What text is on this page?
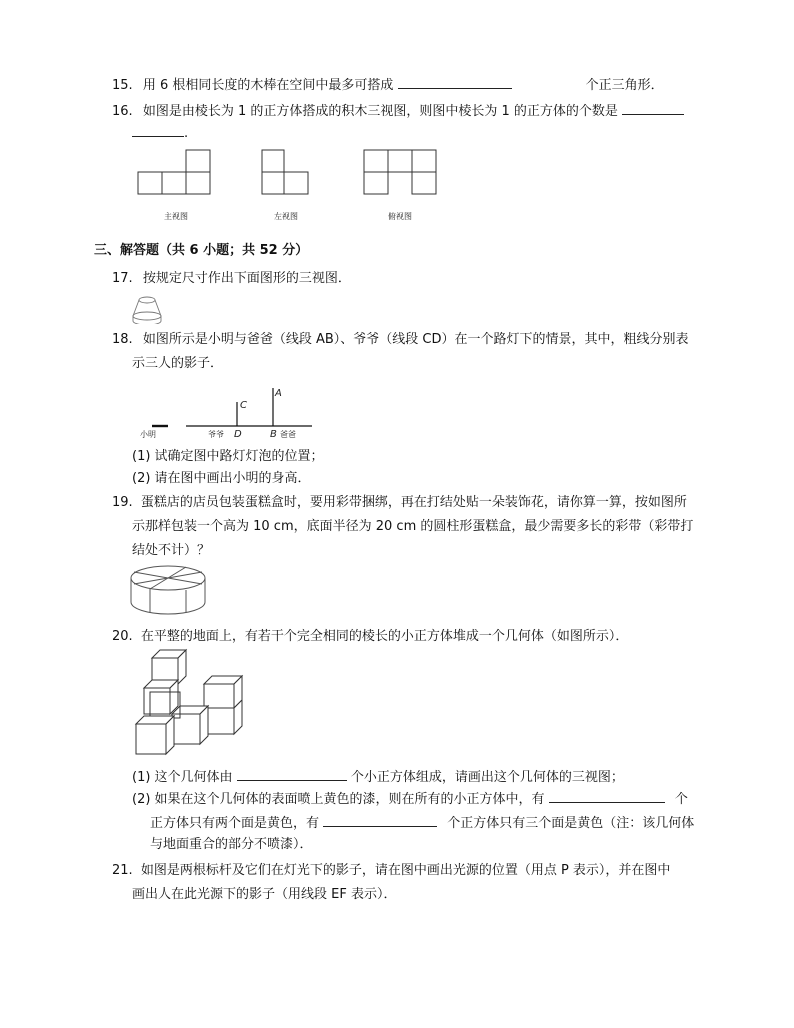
15. 用 6 根相同长度的木棒在空间中最多可搭成	个正三角形．
16. 如图是由棱长为 1 的正方体搭成的积木三视图，则图中棱长为 1 的正方体的个数是
.
主视图	左视图	俯视图
三、解答题（共 6 小题；共 52 分）
17. 按规定尺寸作出下面图形的三视图．
18. 如图所示是小明与爸爸（线段 AB）、爷爷（线段 CD）在一个路灯下的情景，其中，粗线分别表
示三人的影子．
小明	爷爷 D
C
A
B 爸爸
(1) 试确定图中路灯灯泡的位置；
(2) 请在图中画出小明的身高．
19. 蛋糕店的店员包装蛋糕盒时，要用彩带捆绑，再在打结处贴一朵装饰花，请你算一算，按如图所
示那样包装一个高为 10 cm，底面半径为 20 cm 的圆柱形蛋糕盒，最少需要多长的彩带（彩带打
结处不计）？
20. 在平整的地面上，有若干个完全相同的棱长的小正方体堆成一个几何体（如图所示）．
(1) 这个几何体由	个小正方体组成，请画出这个几何体的三视图；
(2) 如果在这个几何体的表面喷上黄色的漆，则在所有的小正方体中，有	个
正方体只有两个面是黄色，有	个正方体只有三个面是黄色（注：该几何体
与地面重合的部分不喷漆）．
21. 如图是两根标杆及它们在灯光下的影子，请在图中画出光源的位置（用点 P 表示），并在图中
画出人在此光源下的影子（用线段 EF 表示）．
